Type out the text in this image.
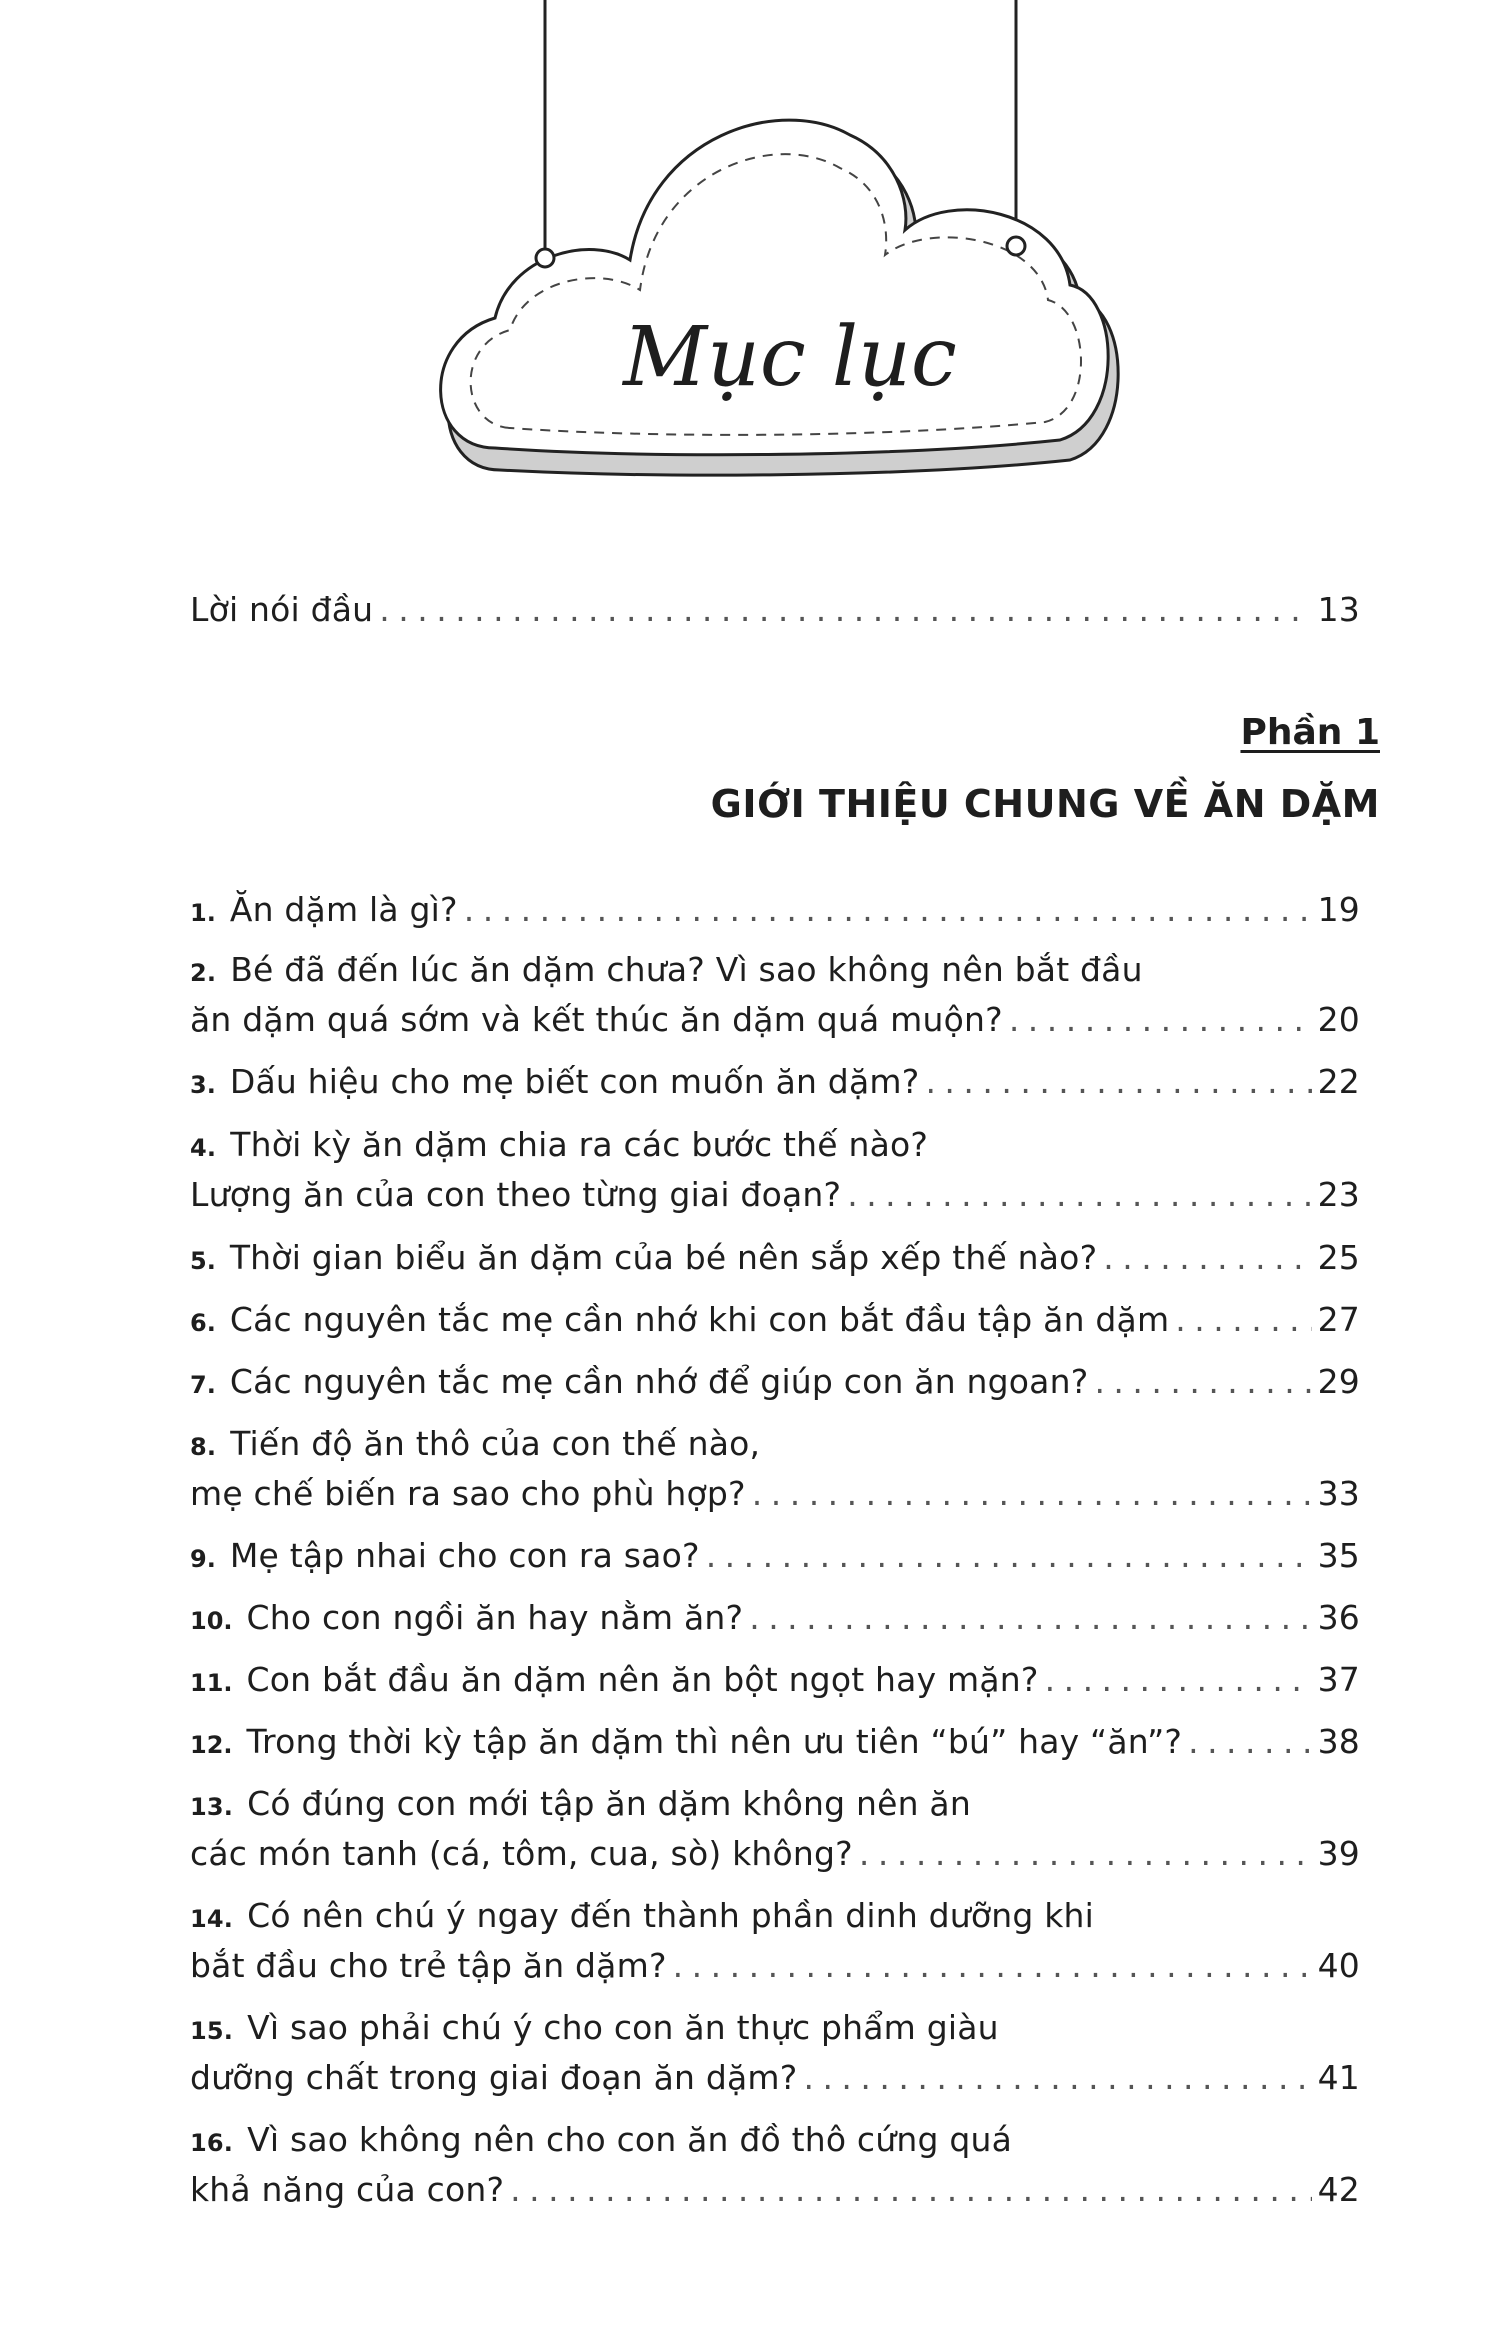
Mục lục
Lời nói đầu . . .	13
Phần 1
GIỚI THIỆU CHUNG VỀ ĂN DẶM
1. Ăn dặm là gì? . . .	19
2. Bé đã đến lúc ăn dặm chưa? Vì sao không nên bắt đầu
ăn dặm quá sớm và kết thúc ăn dặm quá muộn? . . .	20
3. Dấu hiệu cho mẹ biết con muốn ăn dặm? . . .	22
4. Thời kỳ ăn dặm chia ra các bước thế nào?
Lượng ăn của con theo từng giai đoạn? . . .	23
5. Thời gian biểu ăn dặm của bé nên sắp xếp thế nào? . . .	25
6. Các nguyên tắc mẹ cần nhớ khi con bắt đầu tập ăn dặm . . .	27
7. Các nguyên tắc mẹ cần nhớ để giúp con ăn ngoan? . . .	29
8. Tiến độ ăn thô của con thế nào,
mẹ chế biến ra sao cho phù hợp? . . .	33
9. Mẹ tập nhai cho con ra sao? . . .	35
10. Cho con ngồi ăn hay nằm ăn? . . .	36
11. Con bắt đầu ăn dặm nên ăn bột ngọt hay mặn? . . .	37
12. Trong thời kỳ tập ăn dặm thì nên ưu tiên “bú” hay “ăn”? . . .	38
13. Có đúng con mới tập ăn dặm không nên ăn
các món tanh (cá, tôm, cua, sò) không? . . .	39
14. Có nên chú ý ngay đến thành phần dinh dưỡng khi
bắt đầu cho trẻ tập ăn dặm? . . .	40
15. Vì sao phải chú ý cho con ăn thực phẩm giàu
dưỡng chất trong giai đoạn ăn dặm? . . .	41
16. Vì sao không nên cho con ăn đồ thô cứng quá
khả năng của con? . . .	42
